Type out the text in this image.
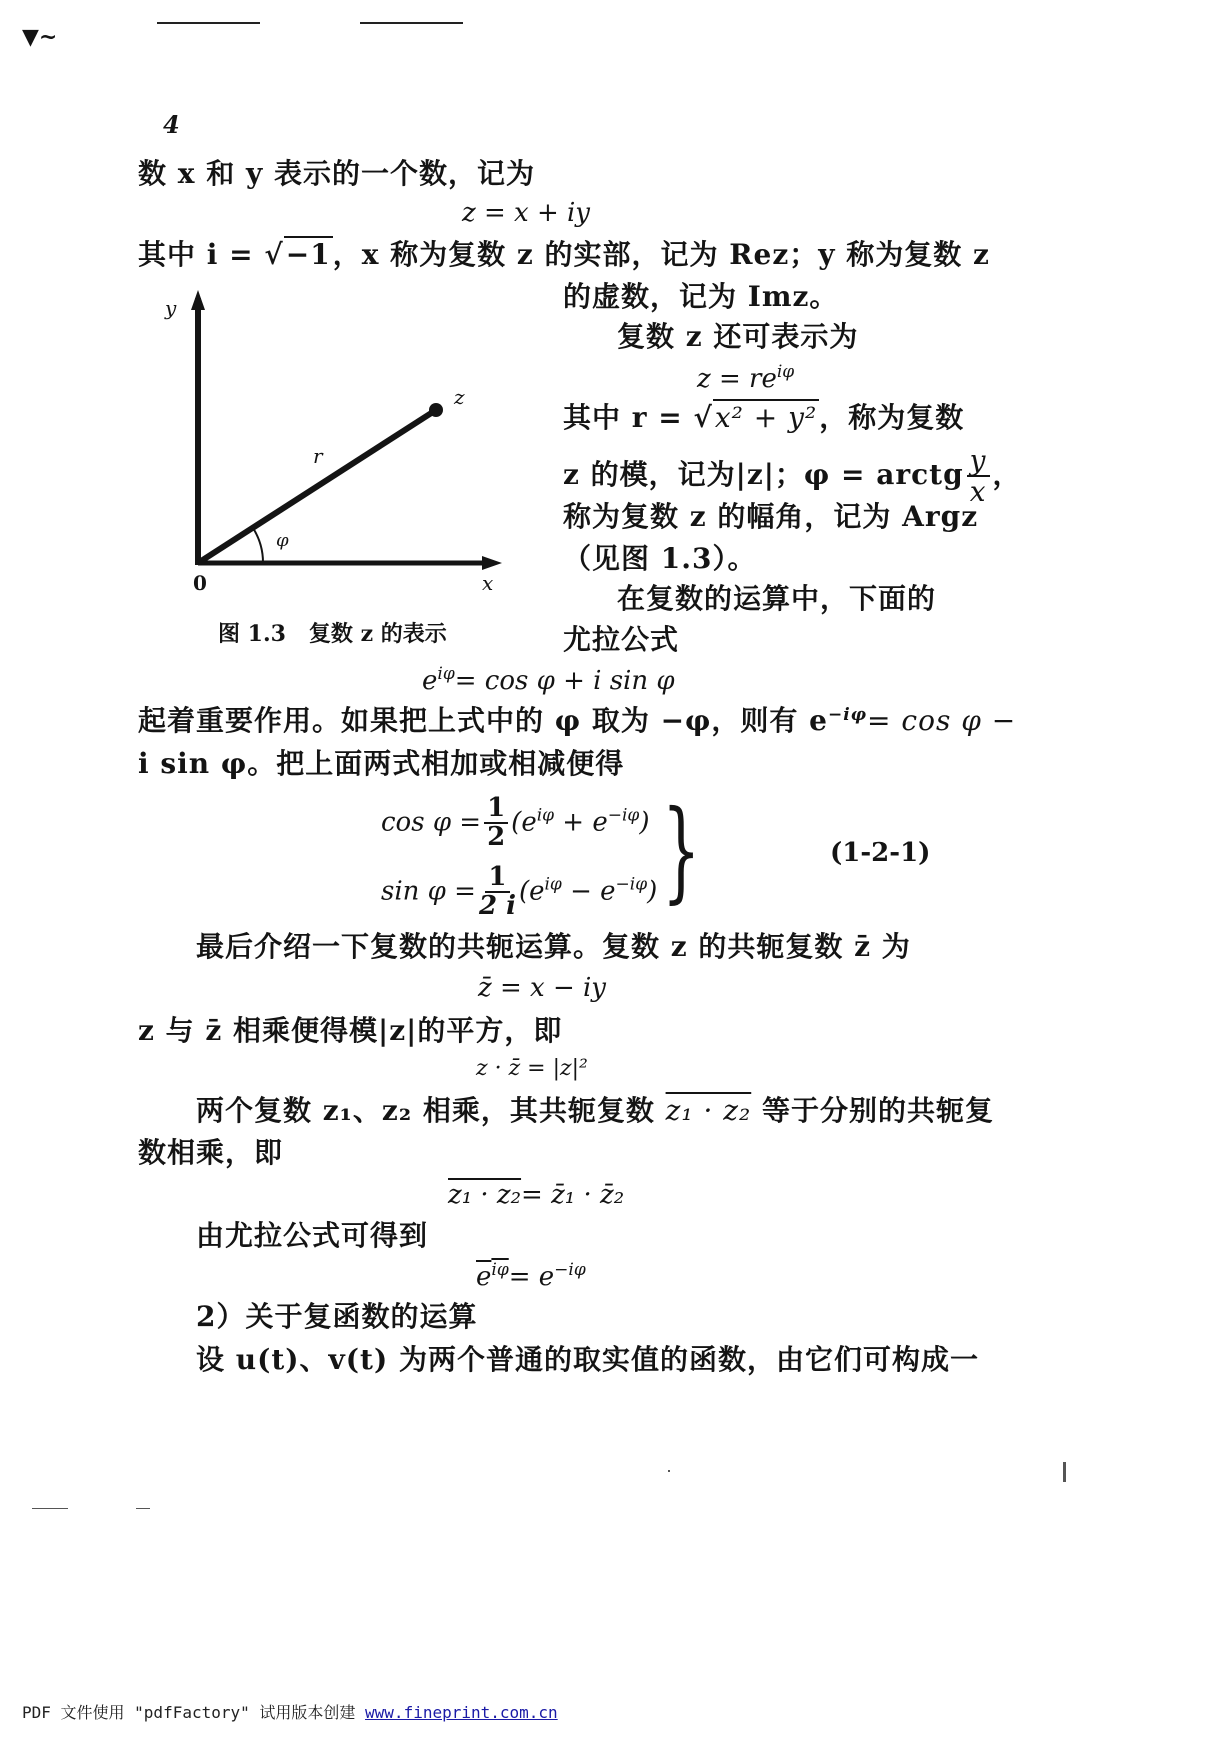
▼~
4
数 x 和 y 表示的一个数，记为
z = x + iy
其中 i = √−1，x 称为复数 z 的实部，记为 Rez；y 称为复数 z
y
z
r
φ
0	x
图 1.3   复数 z 的表示
的虚数，记为 Imz。
复数 z 还可表示为
$z = re^{i\varphi}$
其中 r = √x² + y²，称为复数
z 的模，记为|z|；φ = arctg $\frac{y}{x}$ ，
称为复数 z 的幅角，记为 Argz
（见图 1.3）。
在复数的运算中，下面的
尤拉公式
$e^{i\varphi}= \cos \varphi + i$ sin φ
起着重要作用。如果把上式中的 φ 取为 −φ，则有 $e^{-i\varphi}= \cos \varphi$ −
i sin φ。把上面两式相加或相减便得
$\cos \varphi = \frac{1}{2} (e^{i\varphi} + e^{-i\varphi})$
$\sin \varphi = \frac{1}{2 i} (e^{i\varphi} - e^{-i\varphi})$ }	(1-2-1)
最后介绍一下复数的共轭运算。复数 z 的共轭复数 z̄ 为
z̄ = x − iy
z 与 z̄ 相乘便得模|z|的平方，即
z · z̄ = |z|²
两个复数 z₁、z₂ 相乘，其共轭复数 z₁ · z₂ 等于分别的共轭复
数相乘，即
z₁ · z₂= z̄₁ · z̄₂
由尤拉公式可得到
$e^{i\varphi}= e^{-i\varphi}$
2）关于复函数的运算
设 u(t)、v(t) 为两个普通的取实值的函数，由它们可构成一
PDF 文件使用 "pdfFactory" 试用版本创建 www.fineprint.com.cn
